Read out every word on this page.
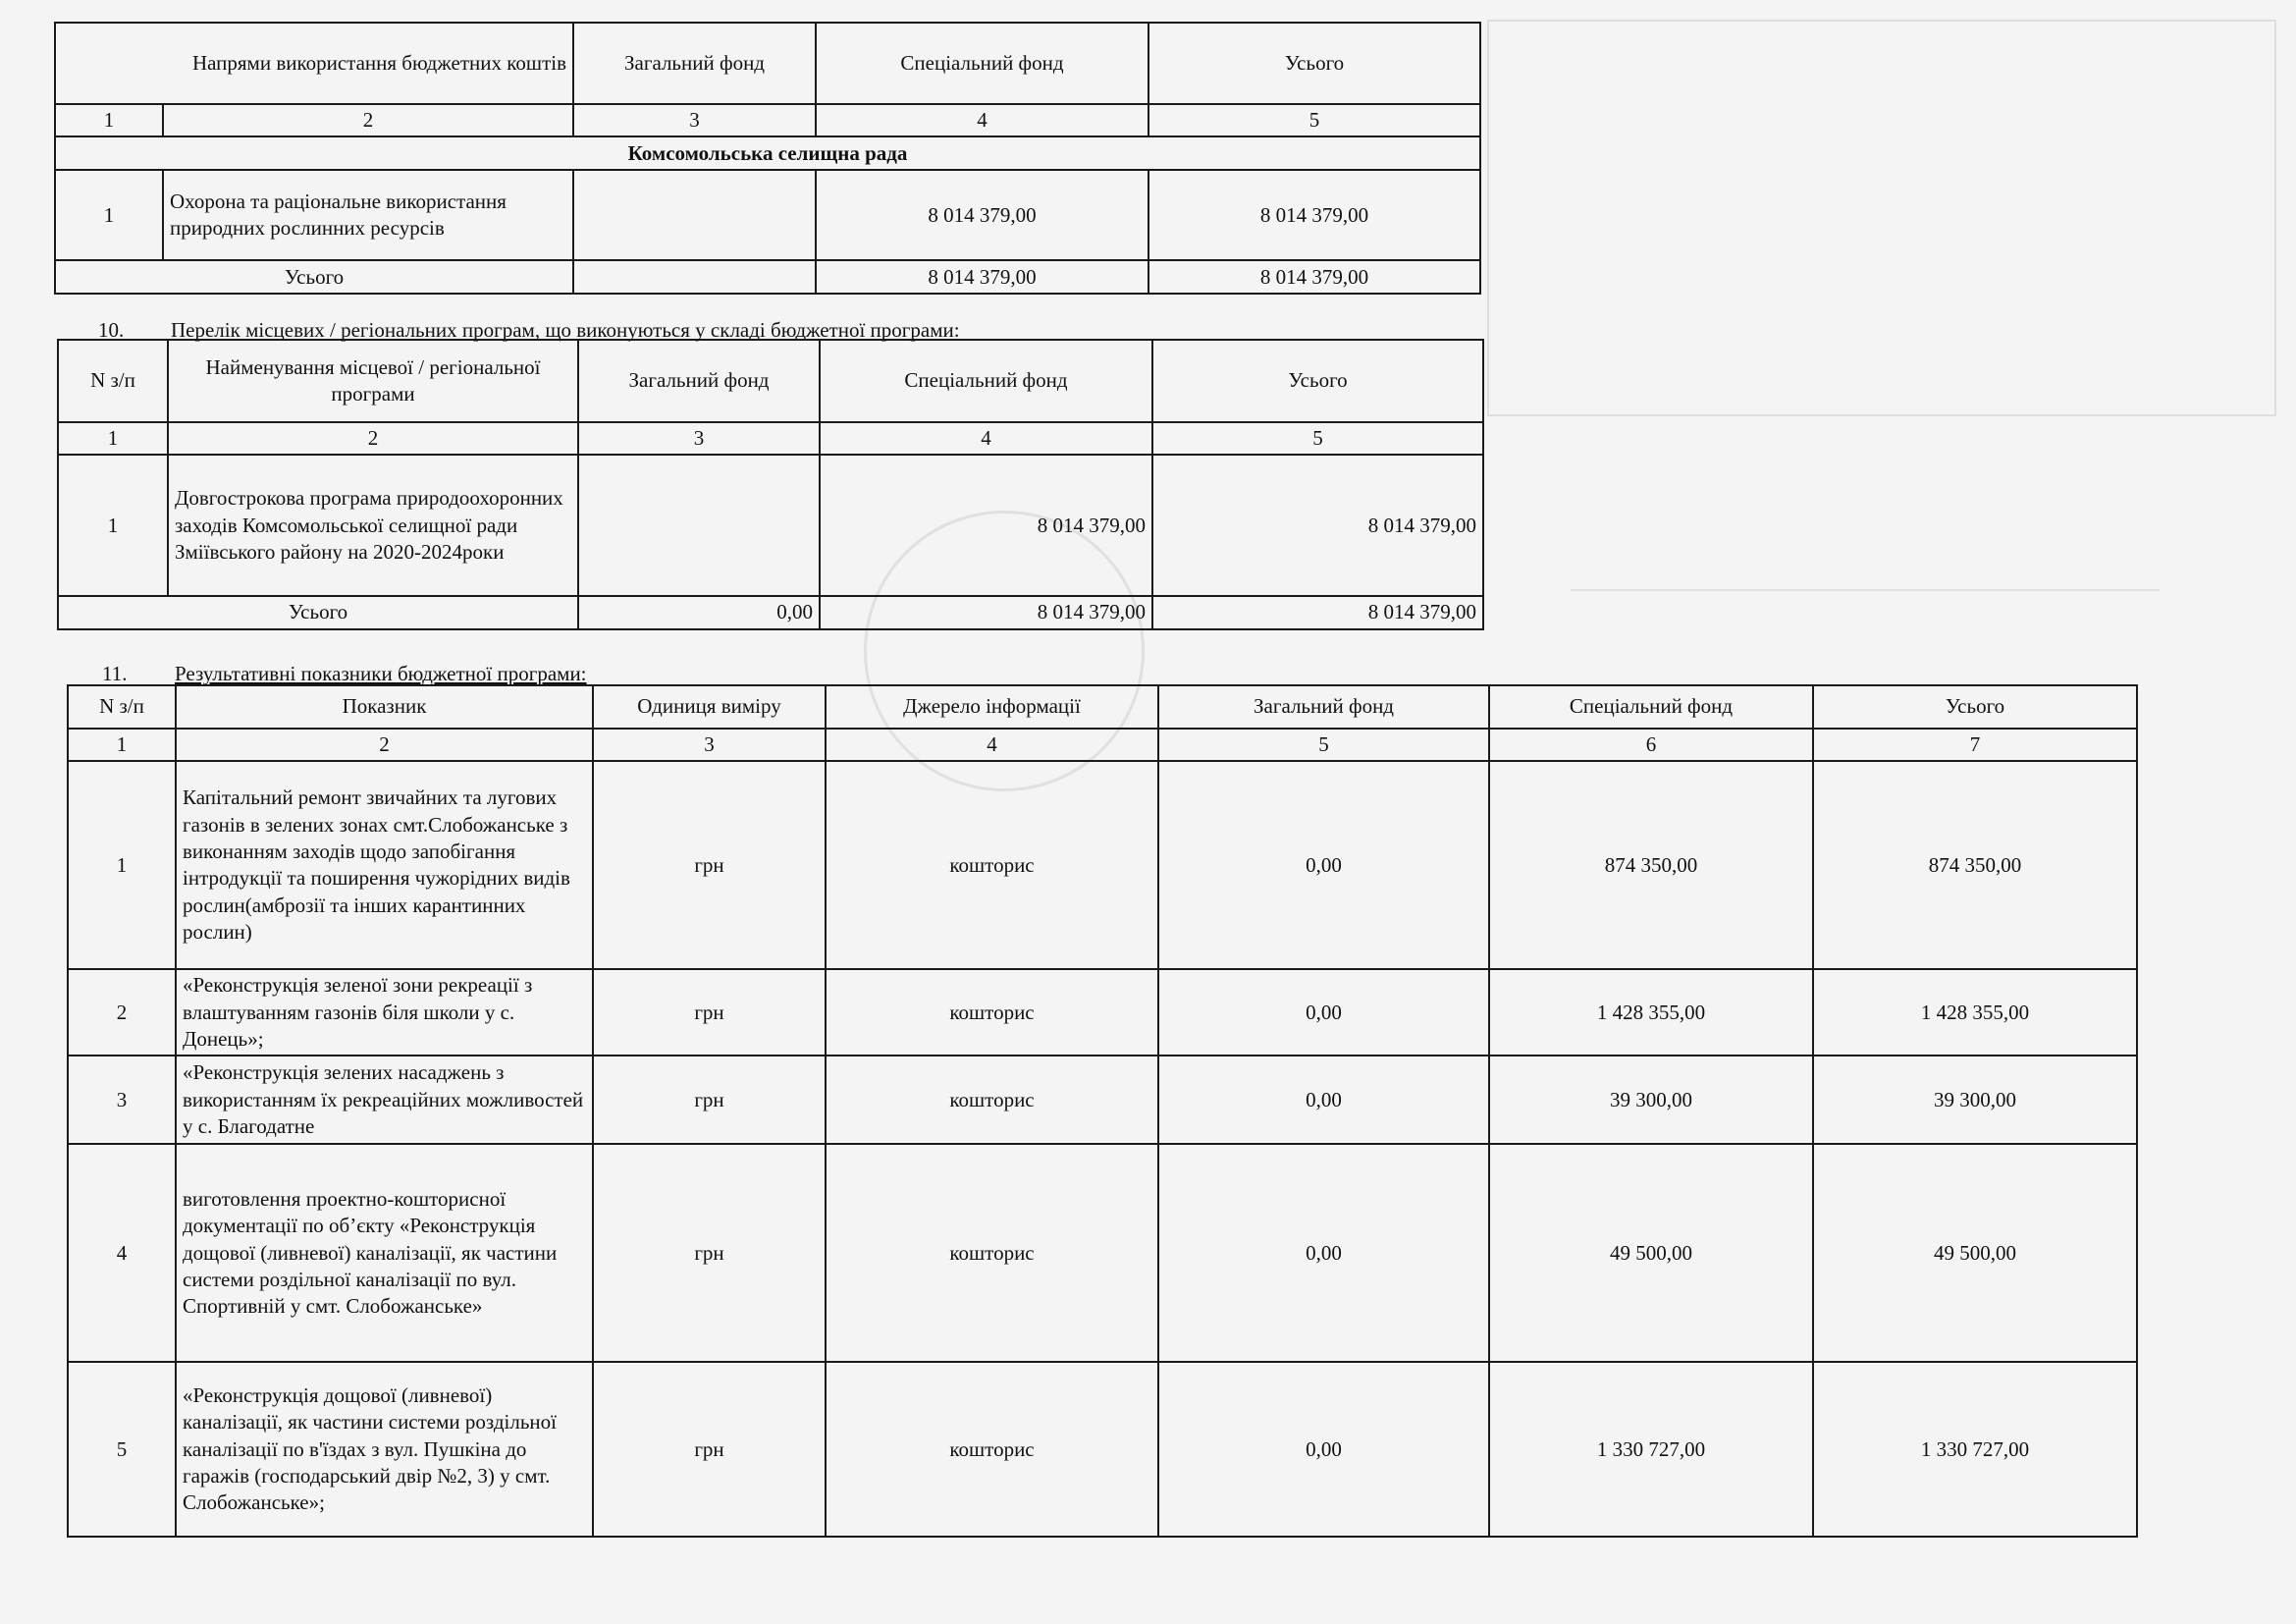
Напрями використання бюджетних коштів		Загальний фонд	Спеціальний фонд	Усього
1	2	3	4	5
Комсомольська селищна рада				
1	Охорона та раціональне використання природних рослинних ресурсів		8 014 379,00	8 014 379,00
Усього			8 014 379,00	8 014 379,00
10. Перелік місцевих / регіональних програм, що виконуються у складі бюджетної програми:
N з/п	Найменування місцевої / регіональної програми	Загальний фонд	Спеціальний фонд	Усього
1	2	3	4	5
1	Довгострокова програма природоохоронних заходів Комсомольської селищної ради Зміївського району на 2020-2024роки		8 014 379,00	8 014 379,00
Усього		0,00	8 014 379,00	8 014 379,00
11. Результативні показники бюджетної програми:
N з/п	Показник	Одиниця виміру	Джерело інформації	Загальний фонд	Спеціальний фонд	Усього
1	2	3	4	5	6	7
1	Капітальний ремонт звичайних та лугових газонів в зелених зонах смт.Слобожанське з виконанням заходів щодо запобігання інтродукції та поширення чужорідних видів рослин(амброзії та інших карантинних рослин)	грн	кошторис	0,00	874 350,00	874 350,00
2	«Реконструкція зеленої зони рекреації з влаштуванням газонів біля школи у с. Донець»;	грн	кошторис	0,00	1 428 355,00	1 428 355,00
3	«Реконструкція зелених насаджень з використанням їх рекреаційних можливостей у с. Благодатне	грн	кошторис	0,00	39 300,00	39 300,00
4	виготовлення проектно-кошторисної документації по об’єкту «Реконструкція дощової (ливневої) каналізації, як частини системи роздільної каналізації по вул. Спортивній у смт. Слобожанське»	грн	кошторис	0,00	49 500,00	49 500,00
5	«Реконструкція дощової (ливневої) каналізації, як частини системи роздільної каналізації по в'їздах з вул. Пушкіна до гаражів (господарський двір №2, 3) у смт. Слобожанське»;	грн	кошторис	0,00	1 330 727,00	1 330 727,00
